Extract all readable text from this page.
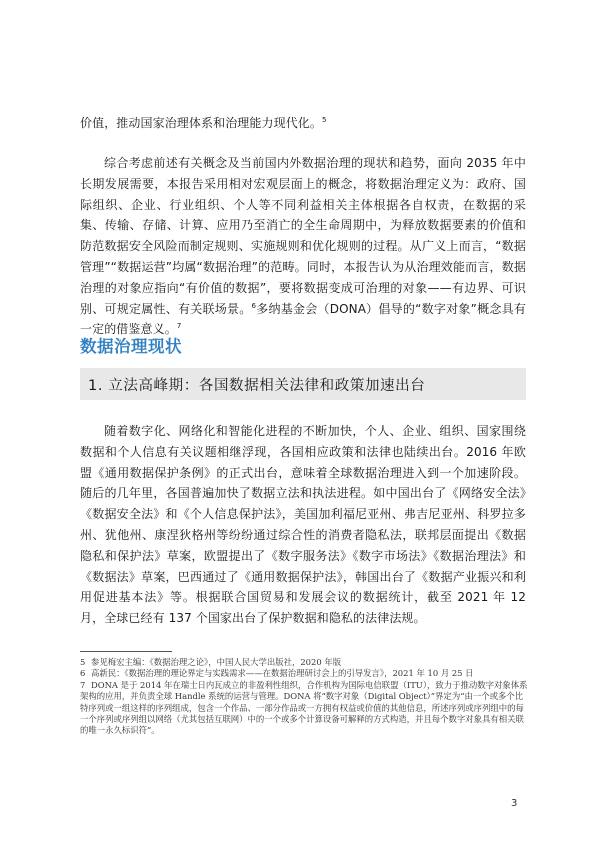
价值，推动国家治理体系和治理能力现代化。$^5$

综合考虑前述有关概念及当前国内外数据治理的现状和趋势，面向 2035 年中长期发展需要，本报告采用相对宏观层面上的概念，将数据治理定义为：政府、国际组织、企业、行业组织、个人等不同利益相关主体根据各自权责，在数据的采集、传输、存储、计算、应用乃至消亡的全生命周期中，为释放数据要素的价值和防范数据安全风险而制定规则、实施规则和优化规则的过程。从广义上而言，“数据管理”“数据运营”均属“数据治理”的范畴。同时，本报告认为从治理效能而言，数据治理的对象应指向“有价值的数据”，要将数据变成可治理的对象——有边界、可识别、可规定属性、有关联场景。$^6$多纳基金会（DONA）倡导的“数字对象”概念具有一定的借鉴意义。$^7$

数据治理现状
1. 立法高峰期：各国数据相关法律和政策加速出台

随着数字化、网络化和智能化进程的不断加快，个人、企业、组织、国家围绕数据和个人信息有关议题相继浮现，各国相应政策和法律也陆续出台。2016 年欧盟《通用数据保护条例》的正式出台，意味着全球数据治理进入到一个加速阶段。随后的几年里，各国普遍加快了数据立法和执法进程。如中国出台了《网络安全法》《数据安全法》和《个人信息保护法》，美国加利福尼亚州、弗吉尼亚州、科罗拉多州、犹他州、康涅狄格州等纷纷通过综合性的消费者隐私法，联邦层面提出《数据隐私和保护法》草案，欧盟提出了《数字服务法》《数字市场法》《数据治理法》和《数据法》草案，巴西通过了《通用数据保护法》，韩国出台了《数据产业振兴和利用促进基本法》等。根据联合国贸易和发展会议的数据统计，截至 2021 年 12 月，全球已经有 137 个国家出台了保护数据和隐私的法律法规。

5 参见梅宏主编：《数据治理之论》，中国人民大学出版社，2020 年版

6 高新民：《数据治理的理论界定与实践需求——在数据治理研讨会上的引导发言》，2021 年 10 月 25 日

7 DONA 是于 2014 年在瑞士日内瓦成立的非盈利性组织，合作机构为国际电信联盟（ITU），致力于推动数字对象体系架构的应用，并负责全球 Handle 系统的运营与管理。DONA 将“数字对象（Digital Object）”界定为“由一个或多个比特序列或一组这样的序列组成，包含一个作品、一部分作品或一方拥有权益或价值的其他信息，所述序列或序列组中的每一个序列或序列组以网络（尤其包括互联网）中的一个或多个计算设备可解释的方式构造，并且每个数字对象具有相关联的唯一永久标识符”。

3
